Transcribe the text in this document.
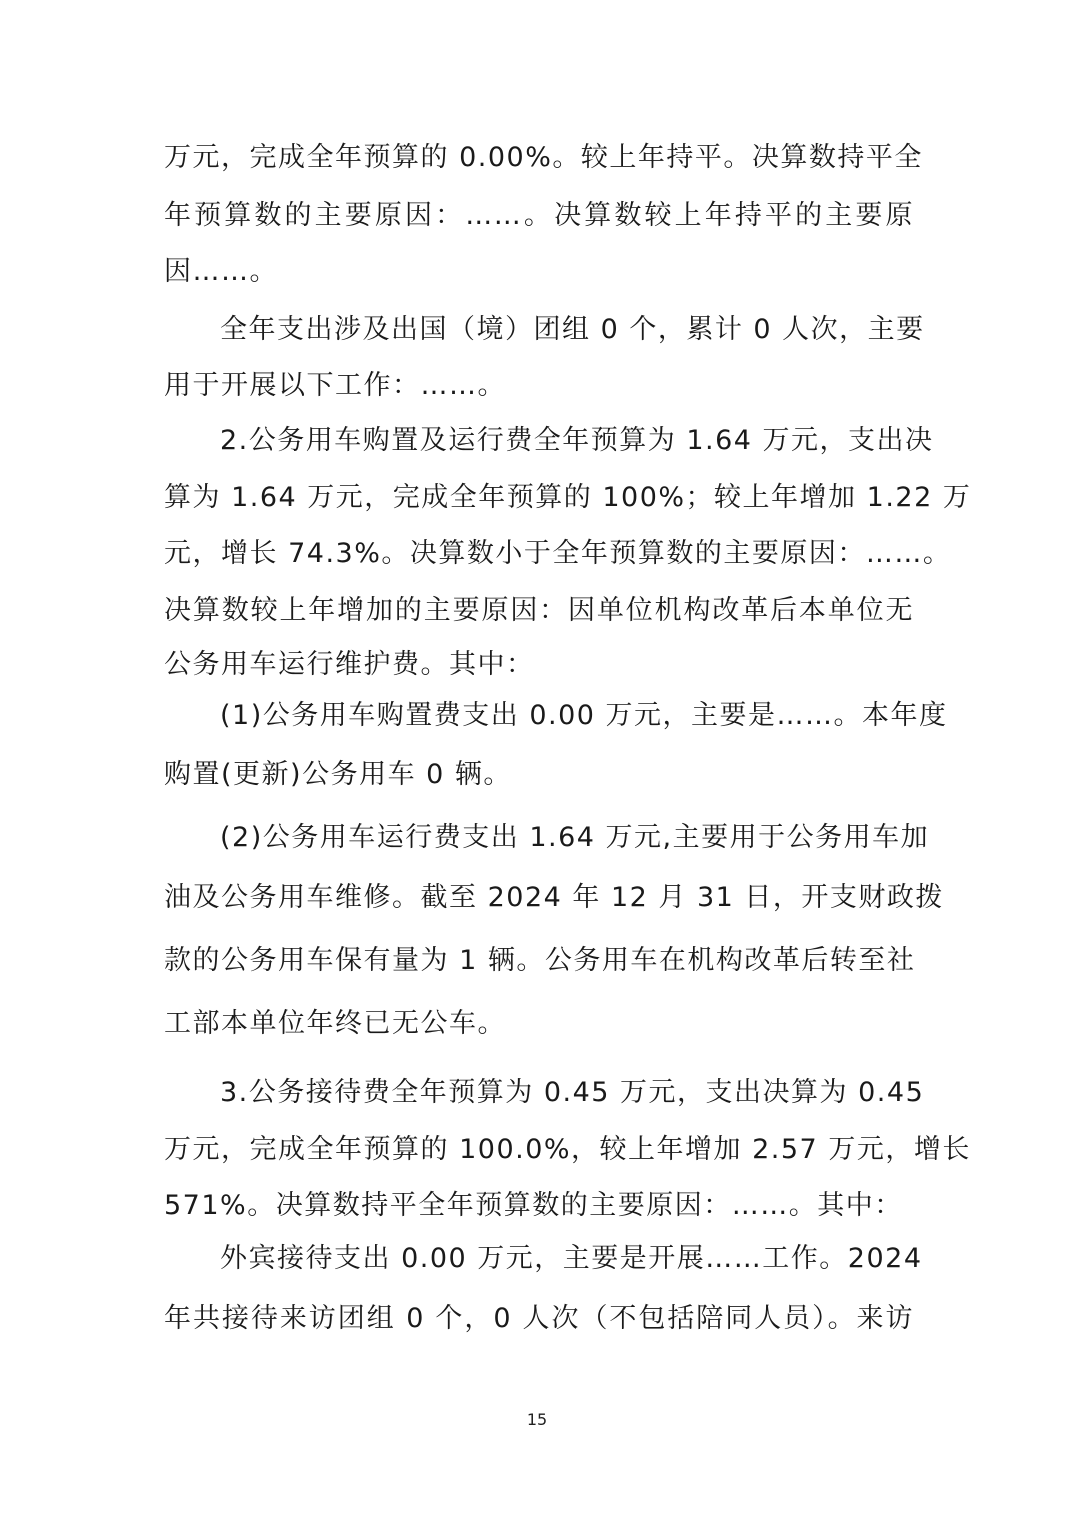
万元，完成全年预算的 0.00%。较上年持平。决算数持平全
年预算数的主要原因：……。决算数较上年持平的主要原
因……。
全年支出涉及出国（境）团组 0 个，累计 0 人次，主要
用于开展以下工作：……。
2.公务用车购置及运行费全年预算为 1.64 万元，支出决
算为 1.64 万元，完成全年预算的 100%；较上年增加 1.22 万
元，增长 74.3%。决算数小于全年预算数的主要原因：……。
决算数较上年增加的主要原因：因单位机构改革后本单位无
公务用车运行维护费。其中：
(1)公务用车购置费支出 0.00 万元，主要是……。本年度
购置(更新)公务用车 0 辆。
(2)公务用车运行费支出 1.64 万元,主要用于公务用车加
油及公务用车维修。截至 2024 年 12 月 31 日，开支财政拨
款的公务用车保有量为 1 辆。公务用车在机构改革后转至社
工部本单位年终已无公车。
3.公务接待费全年预算为 0.45 万元，支出决算为 0.45
万元，完成全年预算的 100.0%，较上年增加 2.57 万元，增长
571%。决算数持平全年预算数的主要原因：……。其中：
外宾接待支出 0.00 万元，主要是开展……工作。2024
年共接待来访团组 0 个，0 人次（不包括陪同人员）。来访
15
